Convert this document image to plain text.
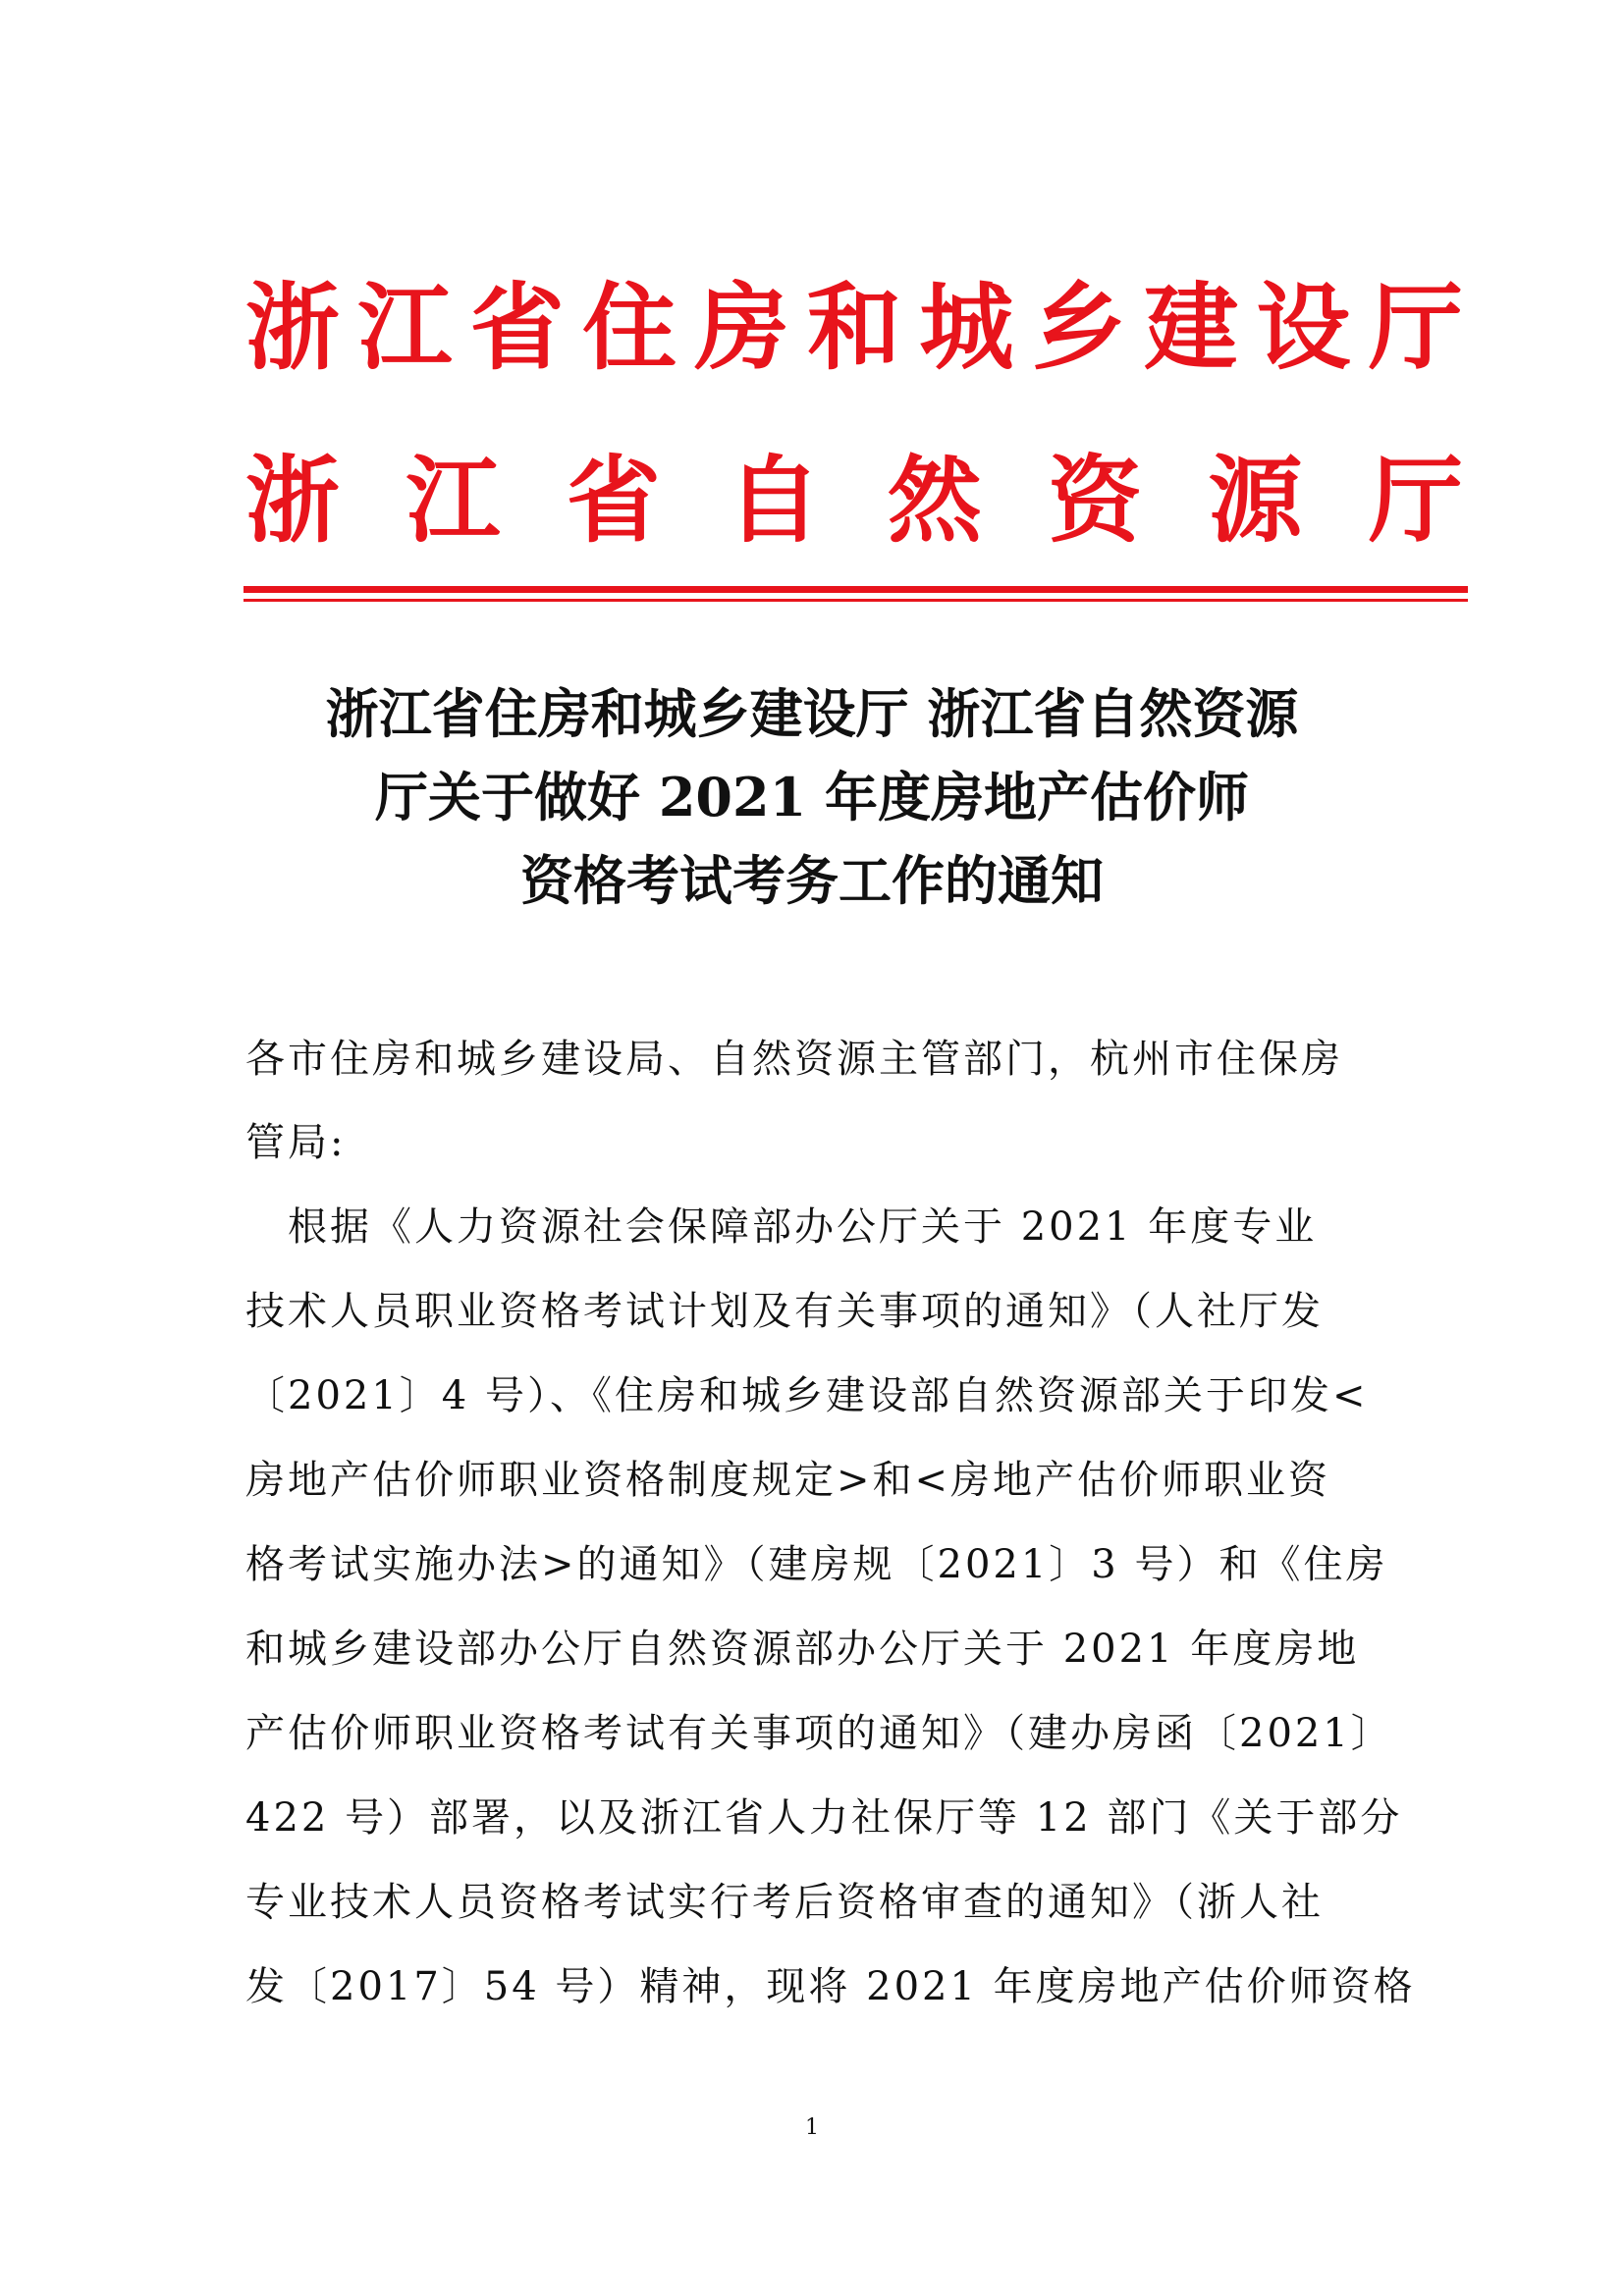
浙 江 省 住 房 和 城 乡 建 设 厅
浙 江 省 自 然 资 源 厅
浙江省住房和城乡建设厅 浙江省自然资源
厅关于做好 2021 年度房地产估价师
资格考试考务工作的通知
各市住房和城乡建设局、自然资源主管部门，杭州市住保房
管局:
　根据《人力资源社会保障部办公厅关于 2021 年度专业
技术人员职业资格考试计划及有关事项的通知》（人社厅发
〔2021〕4 号）、《住房和城乡建设部自然资源部关于印发<
房地产估价师职业资格制度规定>和<房地产估价师职业资
格考试实施办法>的通知》（建房规〔2021〕3 号）和《住房
和城乡建设部办公厅自然资源部办公厅关于 2021 年度房地
产估价师职业资格考试有关事项的通知》（建办房函〔2021〕
422 号）部署，以及浙江省人力社保厅等 12 部门《关于部分
专业技术人员资格考试实行考后资格审查的通知》（浙人社
发〔2017〕54 号）精神，现将 2021 年度房地产估价师资格
1
